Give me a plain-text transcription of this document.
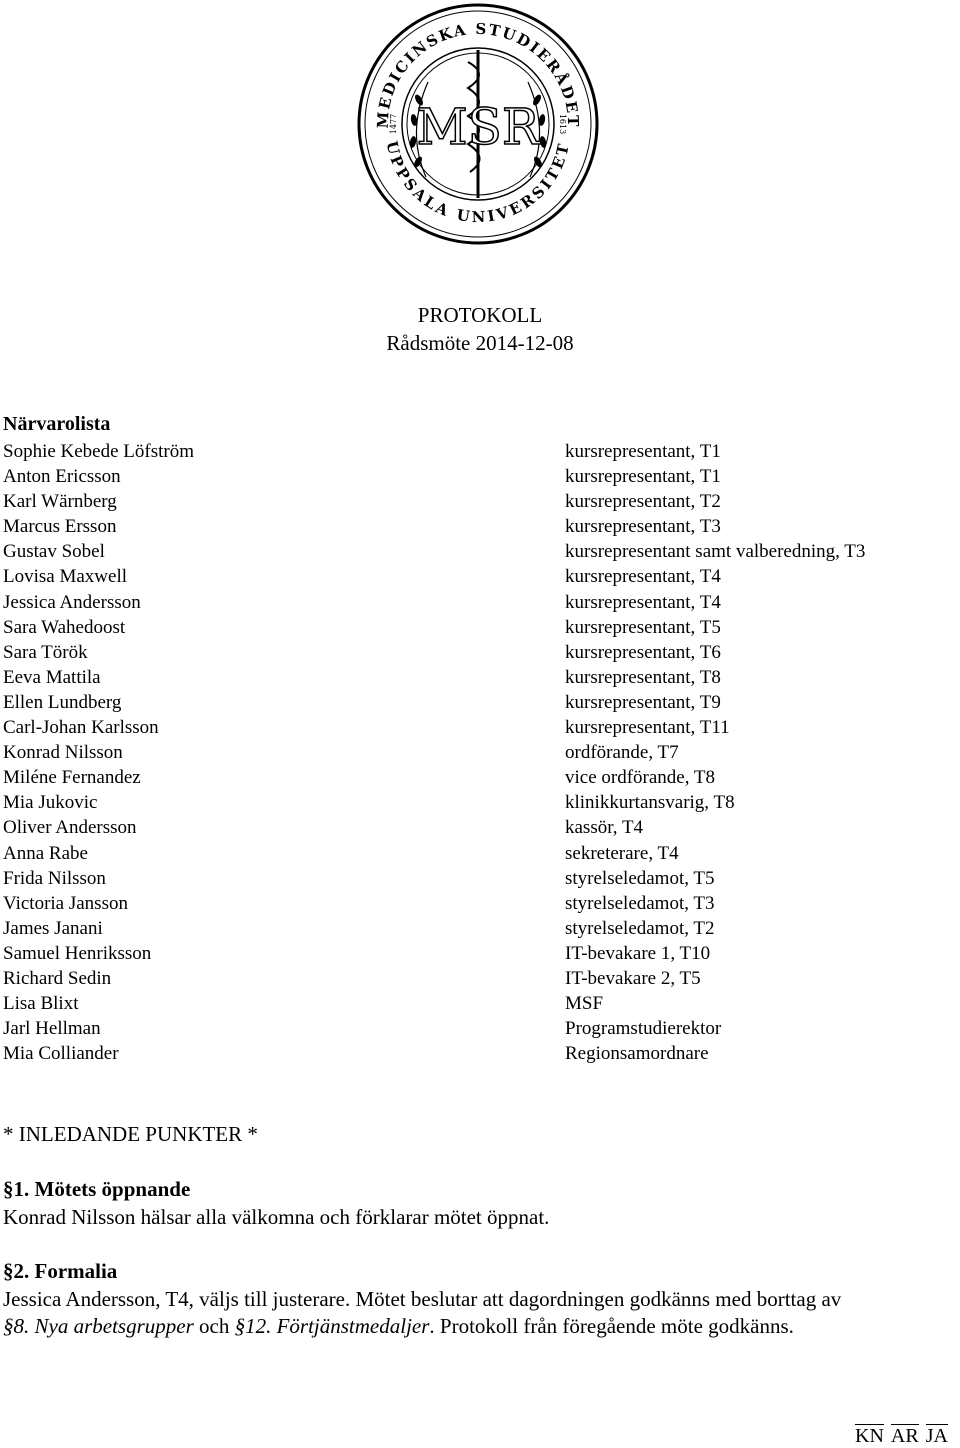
MEDICINSKA STUDIERÅDET
UPPSALA UNIVERSITET
1477	1613
MSR
PROTOKOLL
Rådsmöte 2014-12-08
Närvarolista
Sophie Kebede Löfström	kursrepresentant, T1
Anton Ericsson	kursrepresentant, T1
Karl Wärnberg	kursrepresentant, T2
Marcus Ersson	kursrepresentant, T3
Gustav Sobel	kursrepresentant samt valberedning, T3
Lovisa Maxwell	kursrepresentant, T4
Jessica Andersson	kursrepresentant, T4
Sara Wahedoost	kursrepresentant, T5
Sara Török	kursrepresentant, T6
Eeva Mattila	kursrepresentant, T8
Ellen Lundberg	kursrepresentant, T9
Carl-Johan Karlsson	kursrepresentant, T11
Konrad Nilsson	ordförande, T7
Miléne Fernandez	vice ordförande, T8
Mia Jukovic	klinikkurtansvarig, T8
Oliver Andersson	kassör, T4
Anna Rabe	sekreterare, T4
Frida Nilsson	styrelseledamot, T5
Victoria Jansson	styrelseledamot, T3
James Janani	styrelseledamot, T2
Samuel Henriksson	IT-bevakare 1, T10
Richard Sedin	IT-bevakare 2, T5
Lisa Blixt	MSF
Jarl Hellman	Programstudierektor
Mia Colliander	Regionsamordnare
* INLEDANDE PUNKTER *
§1. Mötets öppnande
Konrad Nilsson hälsar alla välkomna och förklarar mötet öppnat.
§2. Formalia
Jessica Andersson, T4, väljs till justerare. Mötet beslutar att dagordningen godkänns med borttag av
§8. Nya arbetsgrupper och §12. Förtjänstmedaljer. Protokoll från föregående möte godkänns.
KN AR JA
